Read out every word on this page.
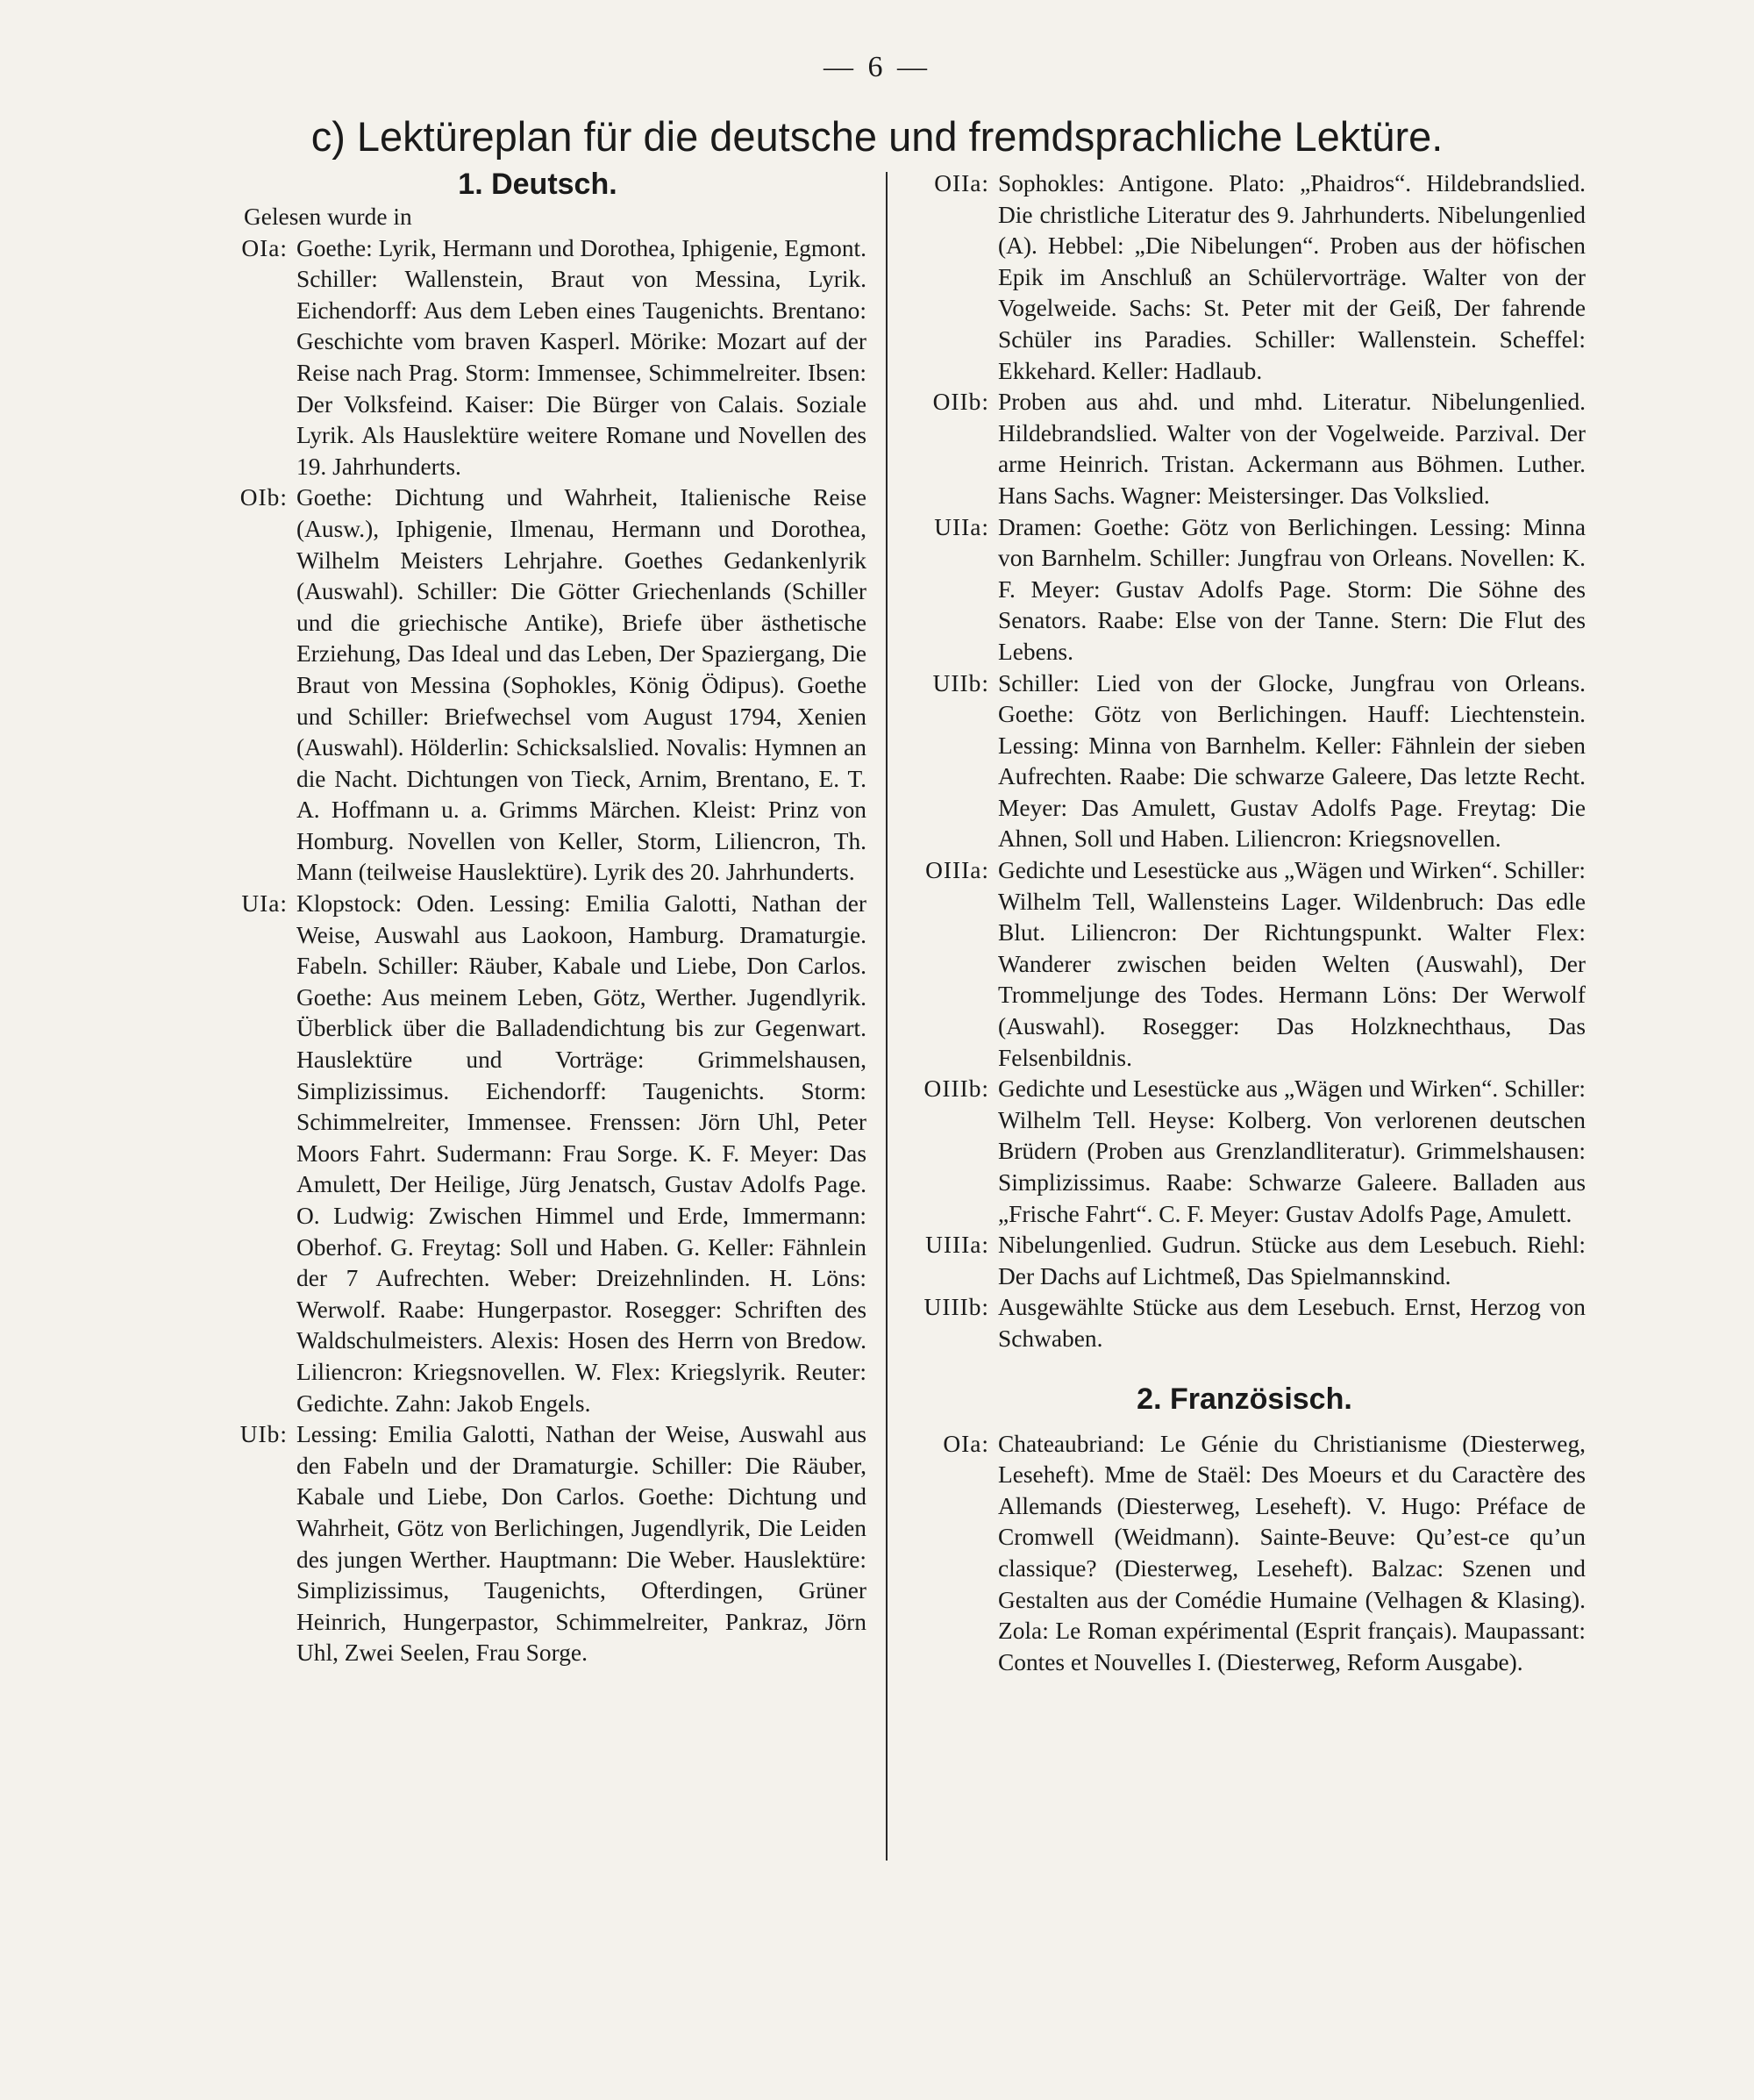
— 6 —
c) Lektüreplan für die deutsche und fremdsprachliche Lektüre.
1. Deutsch.
Gelesen wurde in
OIa: Goethe: Lyrik, Hermann und Dorothea, Iphigenie, Egmont. Schiller: Wallenstein, Braut von Messina, Lyrik. Eichendorff: Aus dem Leben eines Taugenichts. Brentano: Geschichte vom braven Kasperl. Mörike: Mozart auf der Reise nach Prag. Storm: Immensee, Schimmelreiter. Ibsen: Der Volksfeind. Kaiser: Die Bürger von Calais. Soziale Lyrik. Als Hauslektüre weitere Romane und Novellen des 19. Jahrhunderts.
OIb: Goethe: Dichtung und Wahrheit, Italienische Reise (Ausw.), Iphigenie, Ilmenau, Hermann und Dorothea, Wilhelm Meisters Lehrjahre. Goethes Gedankenlyrik (Auswahl). Schiller: Die Götter Griechenlands (Schiller und die griechische Antike), Briefe über ästhetische Erziehung, Das Ideal und das Leben, Der Spaziergang, Die Braut von Messina (Sophokles, König Ödipus). Goethe und Schiller: Briefwechsel vom August 1794, Xenien (Auswahl). Hölderlin: Schicksalslied. Novalis: Hymnen an die Nacht. Dichtungen von Tieck, Arnim, Brentano, E. T. A. Hoffmann u. a. Grimms Märchen. Kleist: Prinz von Homburg. Novellen von Keller, Storm, Liliencron, Th. Mann (teilweise Hauslektüre). Lyrik des 20. Jahrhunderts.
UIa: Klopstock: Oden. Lessing: Emilia Galotti, Nathan der Weise, Auswahl aus Laokoon, Hamburg. Dramaturgie. Fabeln. Schiller: Räuber, Kabale und Liebe, Don Carlos. Goethe: Aus meinem Leben, Götz, Werther. Jugendlyrik. Überblick über die Balladendichtung bis zur Gegenwart. Hauslektüre und Vorträge: Grimmelshausen, Simplizissimus. Eichendorff: Taugenichts. Storm: Schimmelreiter, Immensee. Frenssen: Jörn Uhl, Peter Moors Fahrt. Sudermann: Frau Sorge. K. F. Meyer: Das Amulett, Der Heilige, Jürg Jenatsch, Gustav Adolfs Page. O. Ludwig: Zwischen Himmel und Erde, Immermann: Oberhof. G. Freytag: Soll und Haben. G. Keller: Fähnlein der 7 Aufrechten. Weber: Dreizehnlinden. H. Löns: Werwolf. Raabe: Hungerpastor. Rosegger: Schriften des Waldschulmeisters. Alexis: Hosen des Herrn von Bredow. Liliencron: Kriegsnovellen. W. Flex: Kriegslyrik. Reuter: Gedichte. Zahn: Jakob Engels.
UIb: Lessing: Emilia Galotti, Nathan der Weise, Auswahl aus den Fabeln und der Dramaturgie. Schiller: Die Räuber, Kabale und Liebe, Don Carlos. Goethe: Dichtung und Wahrheit, Götz von Berlichingen, Jugendlyrik, Die Leiden des jungen Werther. Hauptmann: Die Weber. Hauslektüre: Simplizissimus, Taugenichts, Ofterdingen, Grüner Heinrich, Hungerpastor, Schimmelreiter, Pankraz, Jörn Uhl, Zwei Seelen, Frau Sorge.
OIIa: Sophokles: Antigone. Plato: „Phaidros“. Hildebrandslied. Die christliche Literatur des 9. Jahrhunderts. Nibelungenlied (A). Hebbel: „Die Nibelungen“. Proben aus der höfischen Epik im Anschluß an Schülervorträge. Walter von der Vogelweide. Sachs: St. Peter mit der Geiß, Der fahrende Schüler ins Paradies. Schiller: Wallenstein. Scheffel: Ekkehard. Keller: Hadlaub.
OIIb: Proben aus ahd. und mhd. Literatur. Nibelungenlied. Hildebrandslied. Walter von der Vogelweide. Parzival. Der arme Heinrich. Tristan. Ackermann aus Böhmen. Luther. Hans Sachs. Wagner: Meistersinger. Das Volkslied.
UIIa: Dramen: Goethe: Götz von Berlichingen. Lessing: Minna von Barnhelm. Schiller: Jungfrau von Orleans. Novellen: K. F. Meyer: Gustav Adolfs Page. Storm: Die Söhne des Senators. Raabe: Else von der Tanne. Stern: Die Flut des Lebens.
UIIb: Schiller: Lied von der Glocke, Jungfrau von Orleans. Goethe: Götz von Berlichingen. Hauff: Liechtenstein. Lessing: Minna von Barnhelm. Keller: Fähnlein der sieben Aufrechten. Raabe: Die schwarze Galeere, Das letzte Recht. Meyer: Das Amulett, Gustav Adolfs Page. Freytag: Die Ahnen, Soll und Haben. Liliencron: Kriegsnovellen.
OIIIa: Gedichte und Lesestücke aus „Wägen und Wirken“. Schiller: Wilhelm Tell, Wallensteins Lager. Wildenbruch: Das edle Blut. Liliencron: Der Richtungspunkt. Walter Flex: Wanderer zwischen beiden Welten (Auswahl), Der Trommeljunge des Todes. Hermann Löns: Der Werwolf (Auswahl). Rosegger: Das Holzknechthaus, Das Felsenbildnis.
OIIIb: Gedichte und Lesestücke aus „Wägen und Wirken“. Schiller: Wilhelm Tell. Heyse: Kolberg. Von verlorenen deutschen Brüdern (Proben aus Grenzlandliteratur). Grimmelshausen: Simplizissimus. Raabe: Schwarze Galeere. Balladen aus „Frische Fahrt“. C. F. Meyer: Gustav Adolfs Page, Amulett.
UIIIa: Nibelungenlied. Gudrun. Stücke aus dem Lesebuch. Riehl: Der Dachs auf Lichtmeß, Das Spielmannskind.
UIIIb: Ausgewählte Stücke aus dem Lesebuch. Ernst, Herzog von Schwaben.
2. Französisch.
OIa: Chateaubriand: Le Génie du Christianisme (Diesterweg, Leseheft). Mme de Staël: Des Moeurs et du Caractère des Allemands (Diesterweg, Leseheft). V. Hugo: Préface de Cromwell (Weidmann). Sainte-Beuve: Qu’est-ce qu’un classique? (Diesterweg, Leseheft). Balzac: Szenen und Gestalten aus der Comédie Humaine (Velhagen & Klasing). Zola: Le Roman expérimental (Esprit français). Maupassant: Contes et Nouvelles I. (Diesterweg, Reform Ausgabe).
